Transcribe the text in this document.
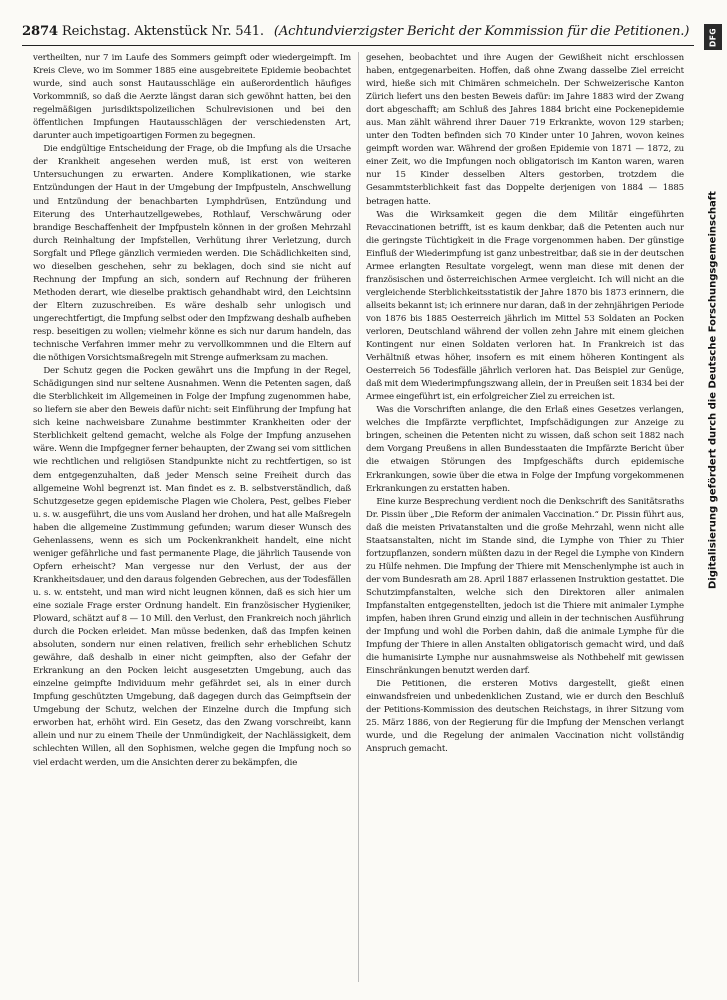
2874 Reichstag. Aktenstück Nr. 541. (Achtundvierzigster Bericht der Kommission für die Petitionen.)	DFG
Digitalisierung gefördert durch die Deutsche Forschungsgemeinschaft

vertheilten, nur 7 im Laufe des Sommers geimpft oder wiedergeimpft. Im Kreis Cleve, wo im Sommer 1885 eine ausgebreitete Epidemie beobachtet wurde, sind auch sonst Hautausschläge ein außerordentlich häufiges Vorkommniß, so daß die Aerzte längst daran sich gewöhnt hatten, bei den regelmäßigen jurisdiktspolizeilichen Schulrevisionen und bei den öffentlichen Impfungen Hautausschlägen der verschiedensten Art, darunter auch impetigoartigen Formen zu begegnen.

Die endgültige Entscheidung der Frage, ob die Impfung als die Ursache der Krankheit angesehen werden muß, ist erst von weiteren Untersuchungen zu erwarten. Andere Komplikationen, wie starke Entzündungen der Haut in der Umgebung der Impfpusteln, Anschwellung und Entzündung der benachbarten Lymphdrüsen, Entzündung und Eiterung des Unterhautzellgewebes, Rothlauf, Verschwärung oder brandige Beschaffenheit der Impfpusteln können in der großen Mehrzahl durch Reinhaltung der Impfstellen, Verhütung ihrer Verletzung, durch Sorgfalt und Pflege gänzlich vermieden werden. Die Schädlichkeiten sind, wo dieselben geschehen, sehr zu beklagen, doch sind sie nicht auf Rechnung der Impfung an sich, sondern auf Rechnung der früheren Methoden derart, wie dieselbe praktisch gehandhabt wird, den Leichtsinn der Eltern zuzuschreiben. Es wäre deshalb sehr unlogisch und ungerechtfertigt, die Impfung selbst oder den Impfzwang deshalb aufheben resp. beseitigen zu wollen; vielmehr könne es sich nur darum handeln, das technische Verfahren immer mehr zu vervollkommnen und die Eltern auf die nöthigen Vorsichtsmaßregeln mit Strenge aufmerksam zu machen.

Der Schutz gegen die Pocken gewährt uns die Impfung in der Regel, Schädigungen sind nur seltene Ausnahmen. Wenn die Petenten sagen, daß die Sterblichkeit im Allgemeinen in Folge der Impfung zugenommen habe, so liefern sie aber den Beweis dafür nicht: seit Einführung der Impfung hat sich keine nachweisbare Zunahme bestimmter Krankheiten oder der Sterblichkeit geltend gemacht, welche als Folge der Impfung anzusehen wäre. Wenn die Impfgegner ferner behaupten, der Zwang sei vom sittlichen wie rechtlichen und religiösen Standpunkte nicht zu rechtfertigen, so ist dem entgegenzuhalten, daß jeder Mensch seine Freiheit durch das allgemeine Wohl begrenzt ist. Man findet es z. B. selbstverständlich, daß Schutzgesetze gegen epidemische Plagen wie Cholera, Pest, gelbes Fieber u. s. w. ausgeführt, die uns vom Ausland her drohen, und hat alle Maßregeln haben die allgemeine Zustimmung gefunden; warum dieser Wunsch des Gehenlassens, wenn es sich um Pockenkrankheit handelt, eine nicht weniger gefährliche und fast permanente Plage, die jährlich Tausende von Opfern erheischt? Man vergesse nur den Verlust, der aus der Krankheitsdauer, und den daraus folgenden Gebrechen, aus der Todesfällen u. s. w. entsteht, und man wird nicht leugnen können, daß es sich hier um eine soziale Frage erster Ordnung handelt. Ein französischer Hygieniker, Ploward, schätzt auf 8 — 10 Mill. den Verlust, den Frankreich noch jährlich durch die Pocken erleidet. Man müsse bedenken, daß das Impfen keinen absoluten, sondern nur einen relativen, freilich sehr erheblichen Schutz gewähre, daß deshalb in einer nicht geimpften, also der Gefahr der Erkrankung an den Pocken leicht ausgesetzten Umgebung, auch das einzelne geimpfte Individuum mehr gefährdet sei, als in einer durch Impfung geschützten Umgebung, daß dagegen durch das Geimpftsein der Umgebung der Schutz, welchen der Einzelne durch die Impfung sich erworben hat, erhöht wird. Ein Gesetz, das den Zwang vorschreibt, kann allein und nur zu einem Theile der Unmündigkeit, der Nachlässigkeit, dem schlechten Willen, all den Sophismen, welche gegen die Impfung noch so viel erdacht werden, um die Ansichten derer zu bekämpfen, die

gesehen, beobachtet und ihre Augen der Gewißheit nicht erschlossen haben, entgegenarbeiten. Hoffen, daß ohne Zwang dasselbe Ziel erreicht wird, hieße sich mit Chimären schmeicheln. Der Schweizerische Kanton Zürich liefert uns den besten Beweis dafür: im Jahre 1883 wird der Zwang dort abgeschafft; am Schluß des Jahres 1884 bricht eine Pockenepidemie aus. Man zählt während ihrer Dauer 719 Erkrankte, wovon 129 starben; unter den Todten befinden sich 70 Kinder unter 10 Jahren, wovon keines geimpft worden war. Während der großen Epidemie von 1871 — 1872, zu einer Zeit, wo die Impfungen noch obligatorisch im Kanton waren, waren nur 15 Kinder desselben Alters gestorben, trotzdem die Gesammtsterblichkeit fast das Doppelte derjenigen von 1884 — 1885 betragen hatte.

Was die Wirksamkeit gegen die dem Militär eingeführten Revaccinationen betrifft, ist es kaum denkbar, daß die Petenten auch nur die geringste Tüchtigkeit in die Frage vorgenommen haben. Der günstige Einfluß der Wiederimpfung ist ganz unbestreitbar, daß sie in der deutschen Armee erlangten Resultate vorgelegt, wenn man diese mit denen der französischen und österreichischen Armee vergleicht. Ich will nicht an die vergleichende Sterblichkeitsstatistik der Jahre 1870 bis 1873 erinnern, die allseits bekannt ist; ich erinnere nur daran, daß in der zehnjährigen Periode von 1876 bis 1885 Oesterreich jährlich im Mittel 53 Soldaten an Pocken verloren, Deutschland während der vollen zehn Jahre mit einem gleichen Kontingent nur einen Soldaten verloren hat. In Frankreich ist das Verhältniß etwas höher, insofern es mit einem höheren Kontingent als Oesterreich 56 Todesfälle jährlich verloren hat. Das Beispiel zur Genüge, daß mit dem Wiederimpfungszwang allein, der in Preußen seit 1834 bei der Armee eingeführt ist, ein erfolgreicher Ziel zu erreichen ist.

Was die Vorschriften anlange, die den Erlaß eines Gesetzes verlangen, welches die Impfärzte verpflichtet, Impfschädigungen zur Anzeige zu bringen, scheinen die Petenten nicht zu wissen, daß schon seit 1882 nach dem Vorgang Preußens in allen Bundesstaaten die Impfärzte Bericht über die etwaigen Störungen des Impfgeschäfts durch epidemische Erkrankungen, sowie über die etwa in Folge der Impfung vorgekommenen Erkrankungen zu erstatten haben.

Eine kurze Besprechung verdient noch die Denkschrift des Sanitätsraths Dr. Pissin über „Die Reform der animalen Vaccination.“ Dr. Pissin führt aus, daß die meisten Privatanstalten und die große Mehrzahl, wenn nicht alle Staatsanstalten, nicht im Stande sind, die Lymphe von Thier zu Thier fortzupflanzen, sondern müßten dazu in der Regel die Lymphe von Kindern zu Hülfe nehmen. Die Impfung der Thiere mit Menschenlymphe ist auch in der vom Bundesrath am 28. April 1887 erlassenen Instruktion gestattet. Die Schutzimpfanstalten, welche sich den Direktoren aller animalen Impfanstalten entgegenstellten, jedoch ist die Thiere mit animaler Lymphe impfen, haben ihren Grund einzig und allein in der technischen Ausführung der Impfung und wohl die Porben dahin, daß die animale Lymphe für die Impfung der Thiere in allen Anstalten obligatorisch gemacht wird, und daß die humanisirte Lymphe nur ausnahmsweise als Nothbehelf mit gewissen Einschränkungen benutzt werden darf.

Die Petitionen, die ersteren Motivs dargestellt, gießt einen einwandsfreien und unbedenklichen Zustand, wie er durch den Beschluß der Petitions-Kommission des deutschen Reichstags, in ihrer Sitzung vom 25. März 1886, von der Regierung für die Impfung der Menschen verlangt wurde, und die Regelung der animalen Vaccination nicht vollständig Anspruch gemacht.
